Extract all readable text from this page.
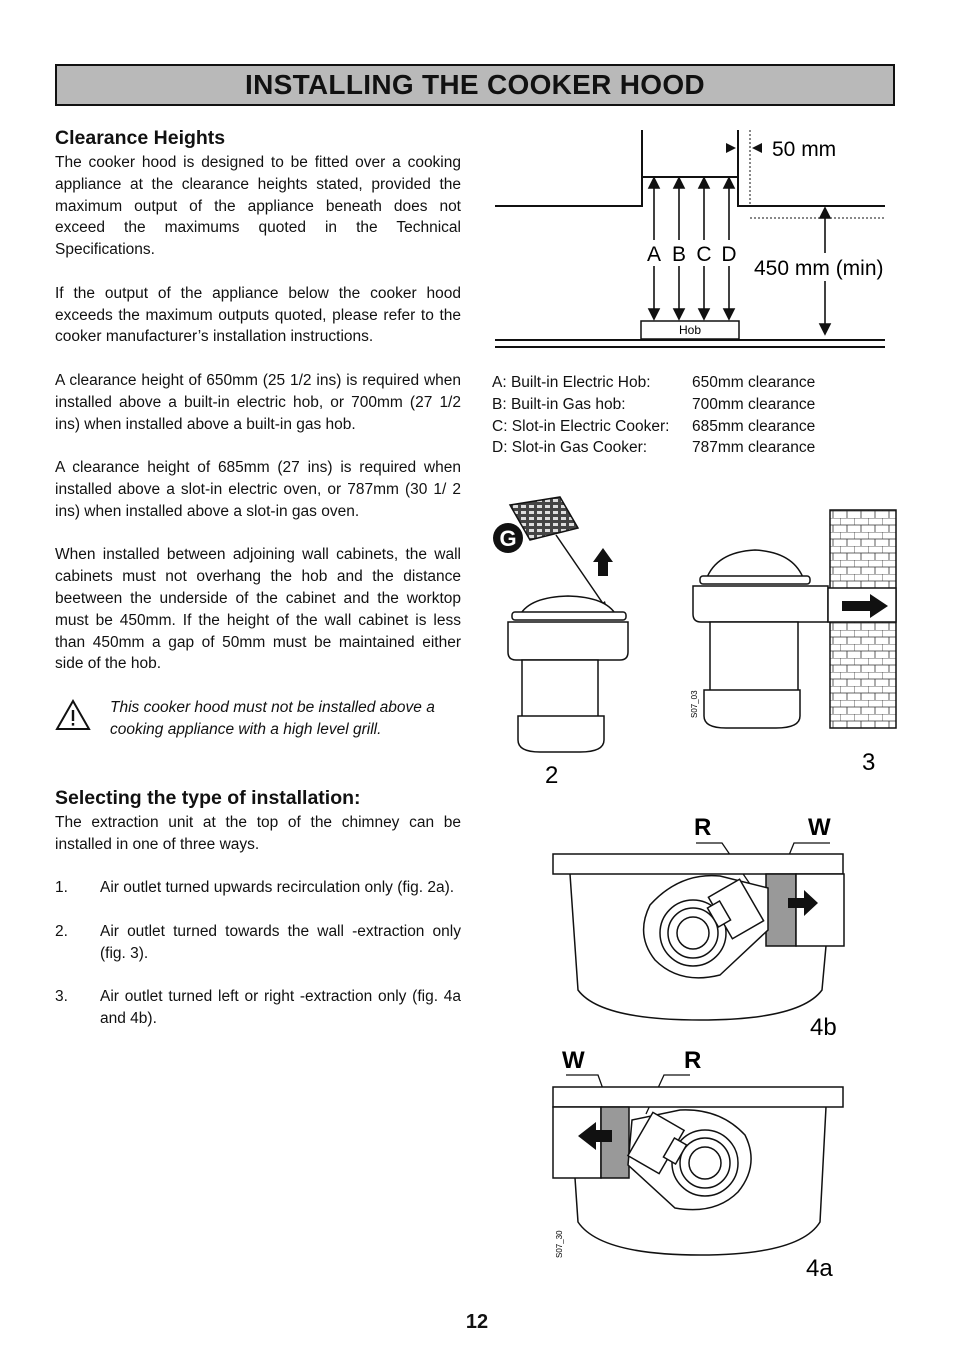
INSTALLING THE COOKER HOOD
Clearance Heights

The cooker hood is designed to be fitted over a cooking appliance at the clearance heights stated, provided the maximum output of the appliance beneath does not exceed the maximums quoted in the Technical Specifications.

If the output of the appliance below the cooker hood exceeds the maximum outputs quoted, please refer to the cooker manufacturer’s installation instructions.

A clearance height of 650mm (25 1/2 ins) is required when installed above a built-in electric hob, or 700mm (27 1/2 ins) when installed above a built-in gas hob.

A clearance height of 685mm (27 ins) is required when installed above a slot-in electric oven, or 787mm (30 1/ 2 ins) when installed above a slot-in gas oven.

When installed between adjoining wall cabinets, the wall cabinets must not overhang the hob and the distance beetween the underside of the cabinet and the worktop must be 450mm. If the height of the wall cabinet is less than 450mm a gap of 50mm must be maintained either side of the hob.

This cooker hood must not be installed above a cooking appliance with a high level grill.
Selecting the type of installation:

The extraction unit at the top of the chimney can be installed in one of three ways.

1.	Air outlet turned upwards recirculation only (fig. 2a).
2.	Air outlet turned towards the wall -extraction only (fig. 3).
3.	Air outlet turned left or right -extraction only (fig. 4a and 4b).
Hob
A B C D
50 mm
450 mm (min)
A: Built-in Electric Hob:	650mm clearance
B: Built-in Gas hob:	700mm clearance
C: Slot-in Electric Cooker:	685mm clearance
D: Slot-in Gas Cooker:	787mm clearance
G
2
S07_03
3
R	W
4b
W	R
S07_30
4a
12
